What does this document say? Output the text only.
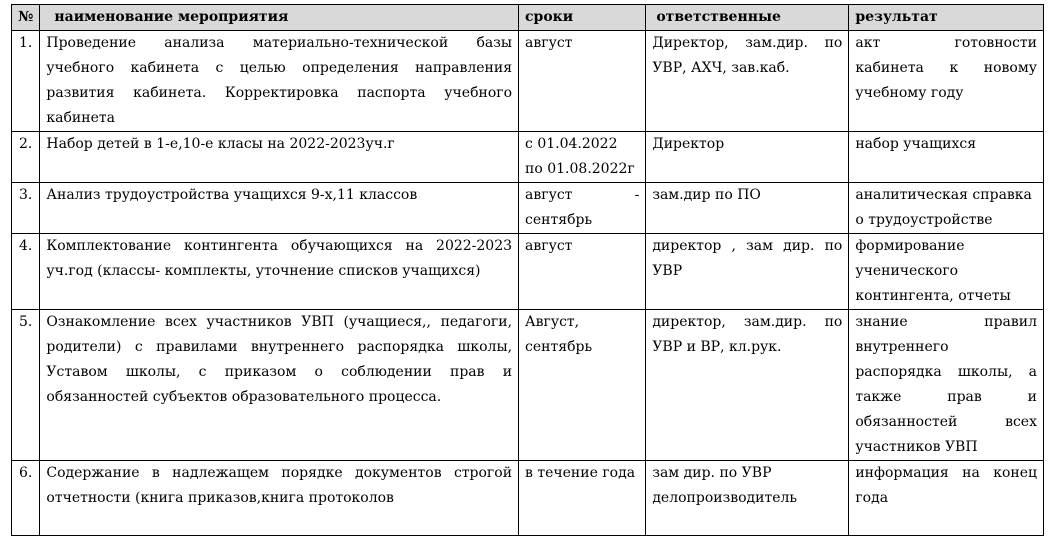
№	наименование мероприятия	сроки	ответственные	результат
1.	Проведение анализа материально-технической базы учебного кабинета с целью определения направления развития кабинета. Корректировка паспорта учебного кабинета	август	Директор, зам.дир. по УВР, АХЧ, зав.каб.	акт готовности кабинета к новому учебному году
2.	Набор детей в 1-е,10-е класы на 2022-2023уч.г	с 01.04.2022 по 01.08.2022г	Директор	набор учащихся
3.	Анализ трудоустройства учащихся 9-х,11 классов	август - сентябрь	зам.дир по ПО	аналитическая справка о трудоустройстве
4.	Комплектование контингента обучающихся на 2022-2023 уч.год (классы- комплекты, уточнение списков учащихся)	август	директор , зам дир. по УВР	формирование ученического контингента, отчеты
5.	Ознакомление всех участников УВП (учащиеся,, педагоги, родители) с правилами внутреннего распорядка школы, Уставом школы, с приказом о соблюдении прав и обязанностей субъектов образовательного процесса.	Август, сентябрь	директор, зам.дир. по УВР и ВР, кл.рук.	знание правил внутреннего распорядка школы, а также прав и обязанностей всех участников УВП
6.	Содержание в надлежащем порядке документов строгой отчетности (книга приказов,книга протоколов	в течение года	зам дир. по УВР делопроизводитель	информация на конец года
